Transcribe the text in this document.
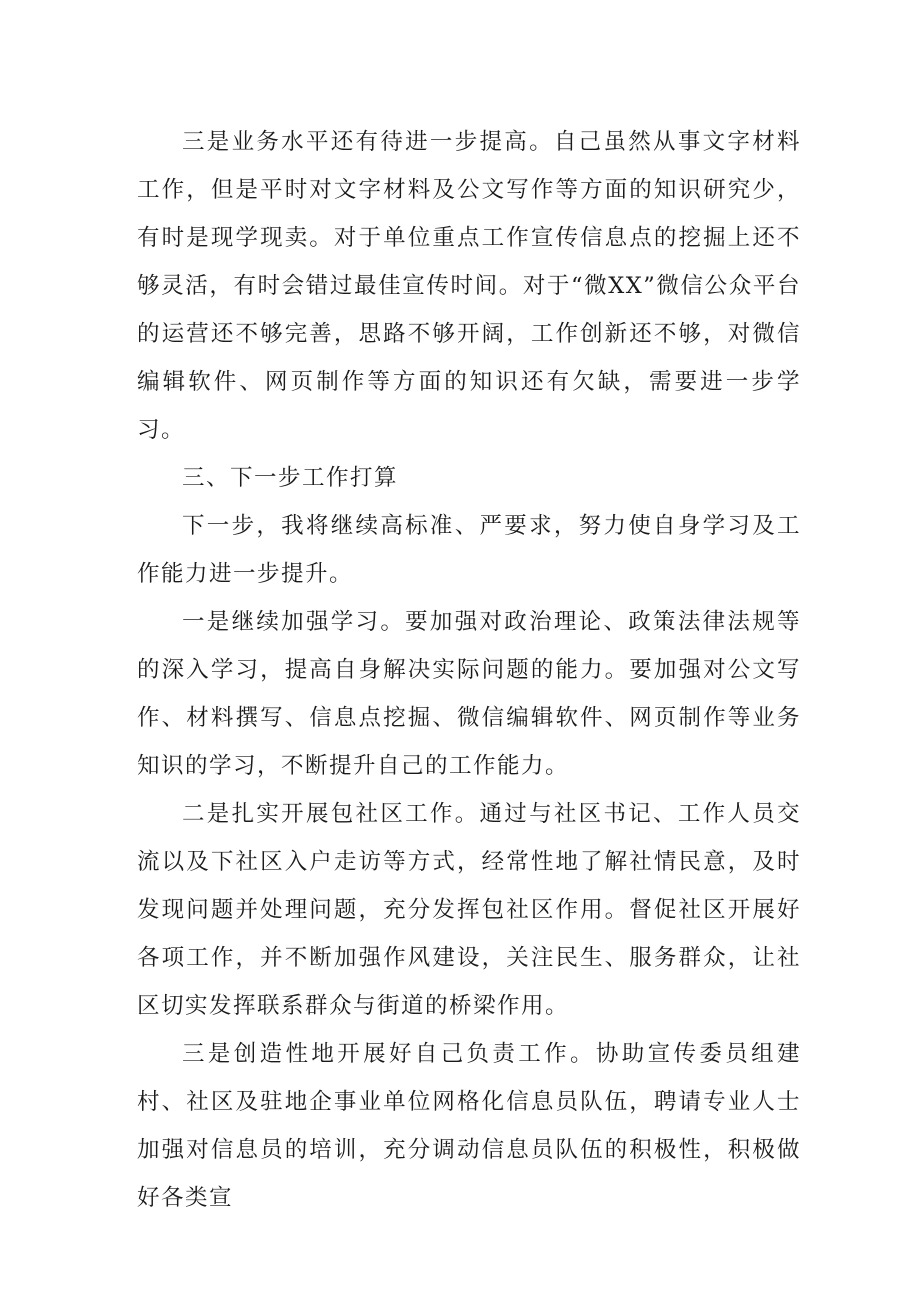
三是业务水平还有待进一步提高。自己虽然从事文字材料工作，但是平时对文字材料及公文写作等方面的知识研究少，有时是现学现卖。对于单位重点工作宣传信息点的挖掘上还不够灵活，有时会错过最佳宣传时间。对于“微XX”微信公众平台的运营还不够完善，思路不够开阔，工作创新还不够，对微信编辑软件、网页制作等方面的知识还有欠缺，需要进一步学习。

三、下一步工作打算

下一步，我将继续高标准、严要求，努力使自身学习及工作能力进一步提升。

一是继续加强学习。要加强对政治理论、政策法律法规等的深入学习，提高自身解决实际问题的能力。要加强对公文写作、材料撰写、信息点挖掘、微信编辑软件、网页制作等业务知识的学习，不断提升自己的工作能力。

二是扎实开展包社区工作。通过与社区书记、工作人员交流以及下社区入户走访等方式，经常性地了解社情民意，及时发现问题并处理问题，充分发挥包社区作用。督促社区开展好各项工作，并不断加强作风建设，关注民生、服务群众，让社区切实发挥联系群众与街道的桥梁作用。

三是创造性地开展好自己负责工作。协助宣传委员组建村、社区及驻地企事业单位网格化信息员队伍，聘请专业人士加强对信息员的培训，充分调动信息员队伍的积极性，积极做好各类宣
